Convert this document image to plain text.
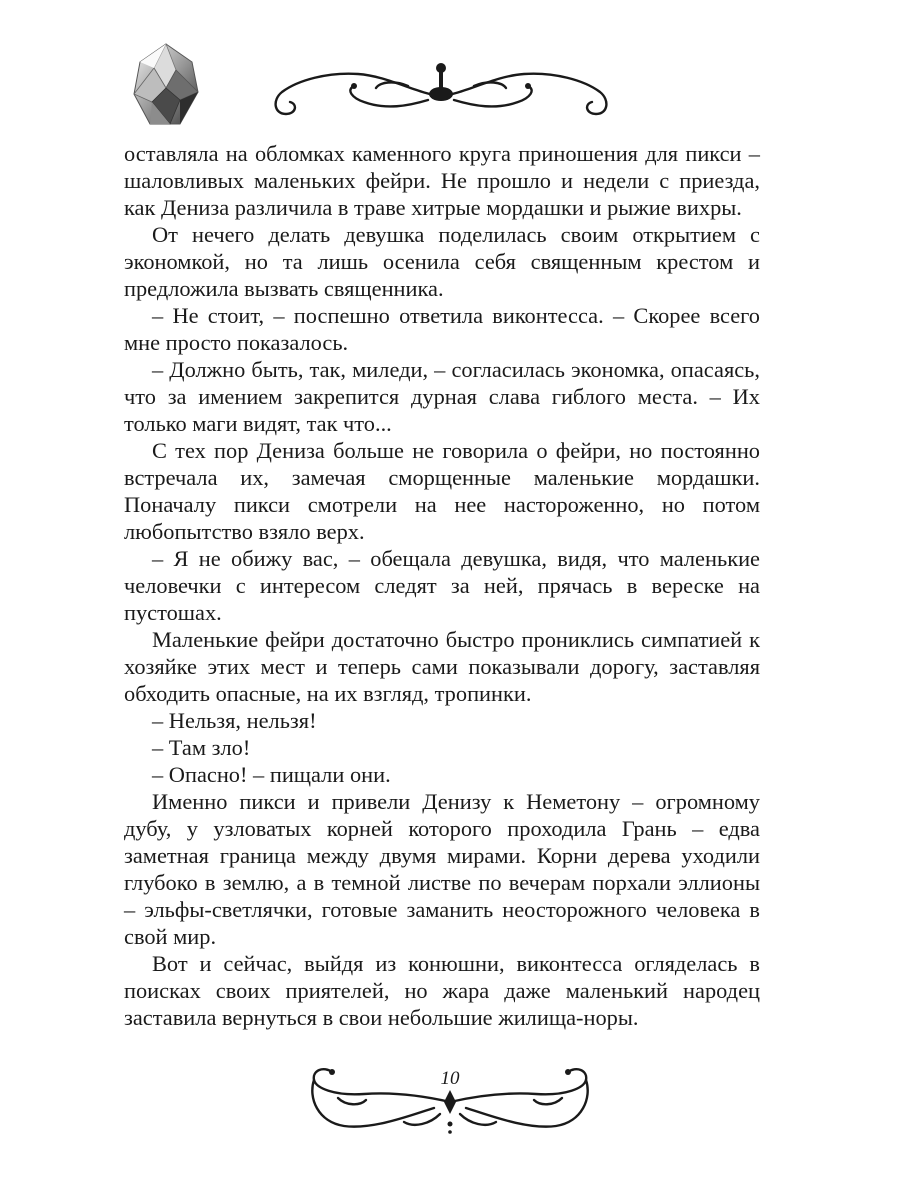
оставляла на обломках каменного круга приношения для пикси – шаловливых маленьких фейри. Не прошло и недели с приезда, как Дениза различила в траве хитрые мордашки и рыжие вихры.

От нечего делать девушка поделилась своим открытием с экономкой, но та лишь осенила себя священным крестом и предложила вызвать священника.

– Не стоит, – поспешно ответила виконтесса. – Скорее всего мне просто показалось.

– Должно быть, так, миледи, – согласилась экономка, опасаясь, что за имением закрепится дурная слава гиблого места. – Их только маги видят, так что...

С тех пор Дениза больше не говорила о фейри, но постоянно встречала их, замечая сморщенные маленькие мордашки. Поначалу пикси смотрели на нее настороженно, но потом любопытство взяло верх.

– Я не обижу вас, – обещала девушка, видя, что маленькие человечки с интересом следят за ней, прячась в вереске на пустошах.

Маленькие фейри достаточно быстро прониклись симпатией к хозяйке этих мест и теперь сами показывали дорогу, заставляя обходить опасные, на их взгляд, тропинки.

– Нельзя, нельзя!

– Там зло!

– Опасно! – пищали они.

Именно пикси и привели Денизу к Неметону – огромному дубу, у узловатых корней которого проходила Грань – едва заметная граница между двумя мирами. Корни дерева уходили глубоко в землю, а в темной листве по вечерам порхали эллионы – эльфы-светлячки, готовые заманить неосторожного человека в свой мир.

Вот и сейчас, выйдя из конюшни, виконтесса огляделась в поисках своих приятелей, но жара даже маленький народец заставила вернуться в свои небольшие жилища-норы.

10
